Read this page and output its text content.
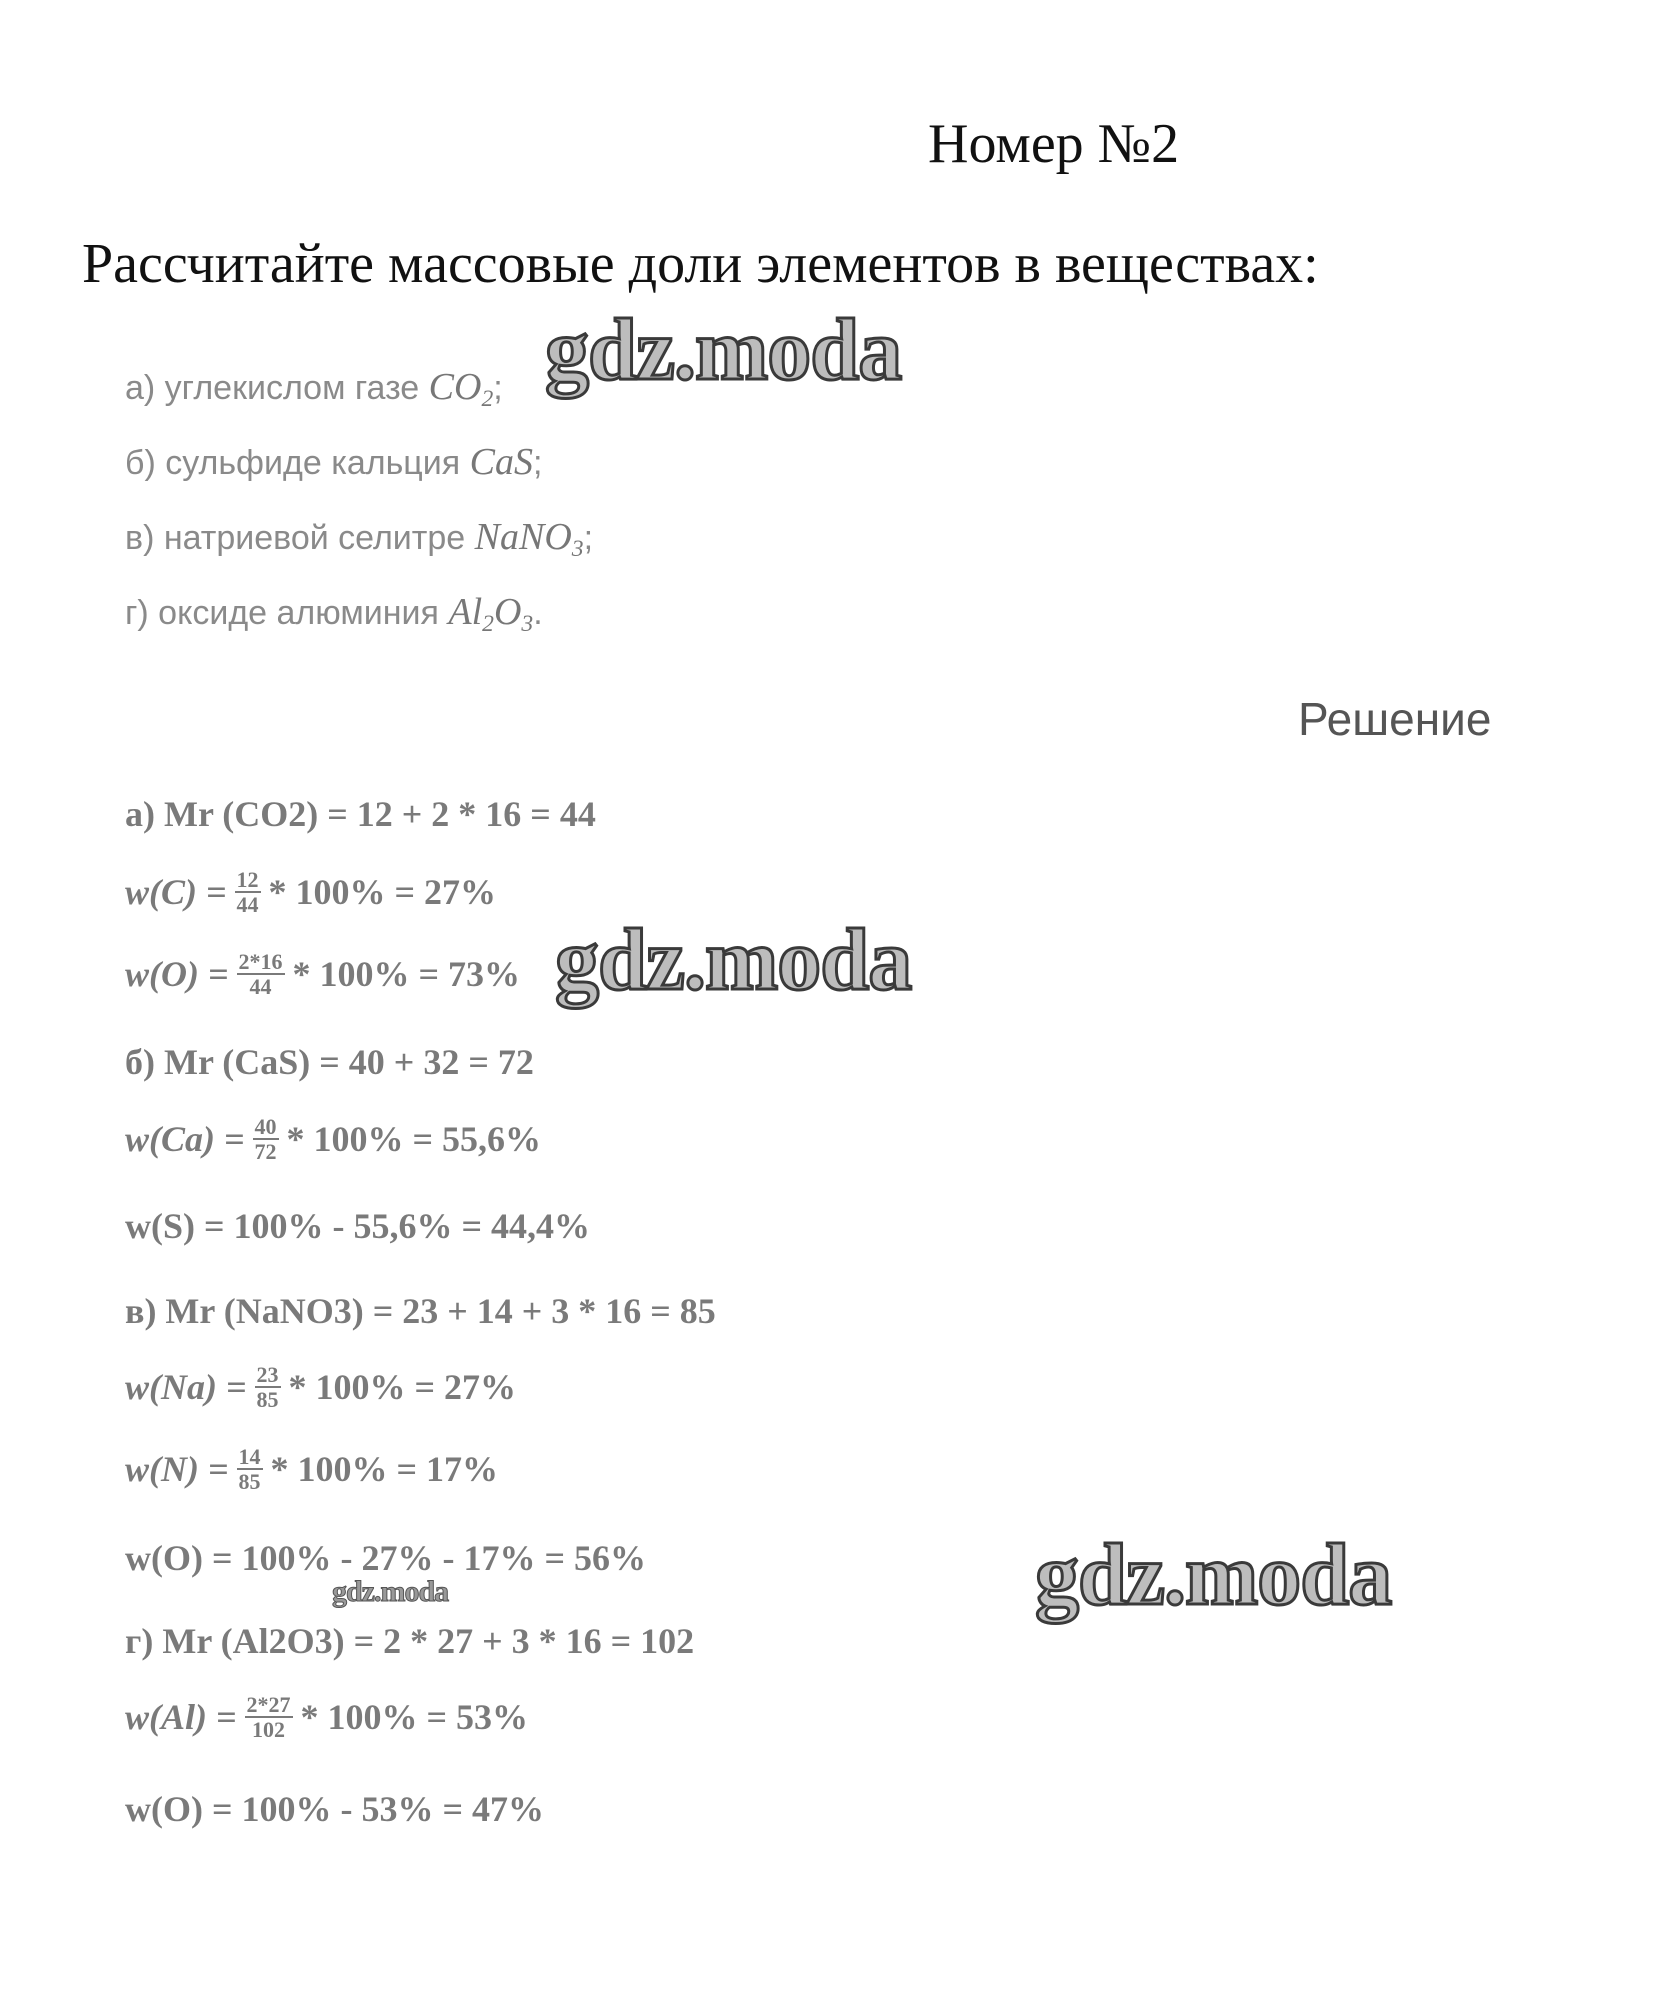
Номер №2
Рассчитайте массовые доли элементов в веществах:
а) углекислом газе $CO_2$;
б) сульфиде кальция CaS;
в) натриевой селитре NaNO$_3$;
г) оксиде алюминия $Al_2O_3$.
Решение
а) Mr (CO2) = 12 + 2 * 16 = 44
$w(C) = \frac{12}{44} * 100\% = 27\%$
$w(O) = \frac{2*16}{44} * 100\% = 73\%$
б) Mr (CaS) = 40 + 32 = 72
$w(Ca) = \frac{40}{72} * 100\% = 55,6\%$
w(S) = 100% - 55,6% = 44,4%
в) Mr (NaNO3) = 23 + 14 + 3 * 16 = 85
$w(Na) = \frac{23}{85} * 100\% = 27\%$
$w(N) = \frac{14}{85} * 100\% = 17\%$
w(O) = 100% - 27% - 17% = 56%
г) Mr (Al2O3) = 2 * 27 + 3 * 16 = 102
$w(Al) = \frac{2*27}{102} * 100\% = 53\%$
w(O) = 100% - 53% = 47%
gdz.moda
gdz.moda
gdz.moda
gdz.moda
